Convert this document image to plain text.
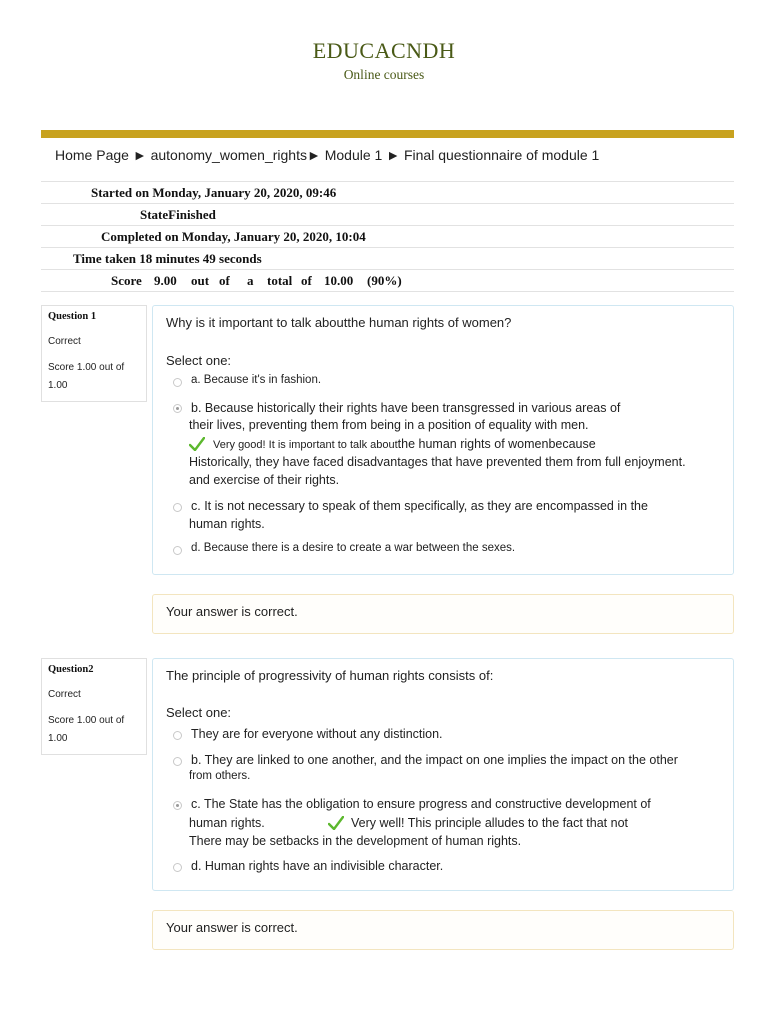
EDUCACNDH
Online courses
Home Page ► autonomy_women_rights► Module 1 ► Final questionnaire of module 1
Started on Monday, January 20, 2020, 09:46
StateFinished
Completed on Monday, January 20, 2020, 10:04
Time taken 18 minutes 49 seconds
Score 9.00 out of a total of 10.00 (90%)
Question 1
Correct
Score 1.00 out of 1.00
Why is it important to talk aboutthe human rights of women?
Select one:
a. Because it's in fashion.
b. Because historically their rights have been transgressed in various areas of
their lives, preventing them from being in a position of equality with men.
Very good! It is important to talk aboutthe human rights of womenbecause
Historically, they have faced disadvantages that have prevented them from full enjoyment.
and exercise of their rights.
c. It is not necessary to speak of them specifically, as they are encompassed in the
human rights.
d. Because there is a desire to create a war between the sexes.
Your answer is correct.
Question2
Correct
Score 1.00 out of 1.00
The principle of progressivity of human rights consists of:
Select one:
They are for everyone without any distinction.
b. They are linked to one another, and the impact on one implies the impact on the other
from others.
c. The State has the obligation to ensure progress and constructive development of
human rights.	Very well! This principle alludes to the fact that not
There may be setbacks in the development of human rights.
d. Human rights have an indivisible character.
Your answer is correct.
